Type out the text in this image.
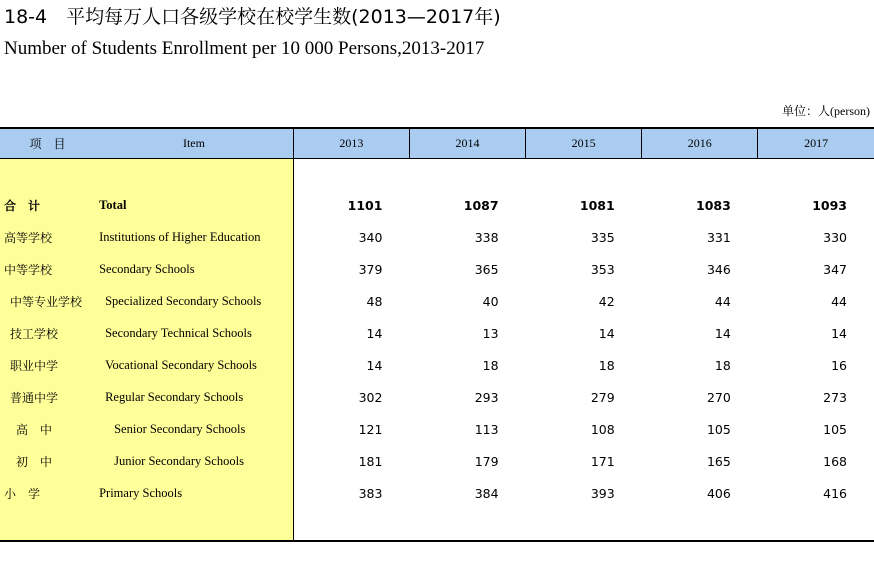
18-4　平均每万人口各级学校在校学生数(2013—2017年)
Number of Students Enrollment per 10 000 Persons,2013-2017
单位：人(person)
项　目	Item	2013	2014	2015	2016	2017

合　计	Total	1101	1087	1081	1083	1093
高等学校	Institutions of Higher Education	340	338	335	331	330
中等学校	Secondary Schools	379	365	353	346	347
中等专业学校	Specialized Secondary Schools	48	40	42	44	44
技工学校	Secondary Technical Schools	14	13	14	14	14
职业中学	Vocational Secondary Schools	14	18	18	18	16
普通中学	Regular Secondary Schools	302	293	279	270	273
高　中	Senior Secondary Schools	121	113	108	105	105
初　中	Junior Secondary Schools	181	179	171	165	168
小　学	Primary Schools	383	384	393	406	416
